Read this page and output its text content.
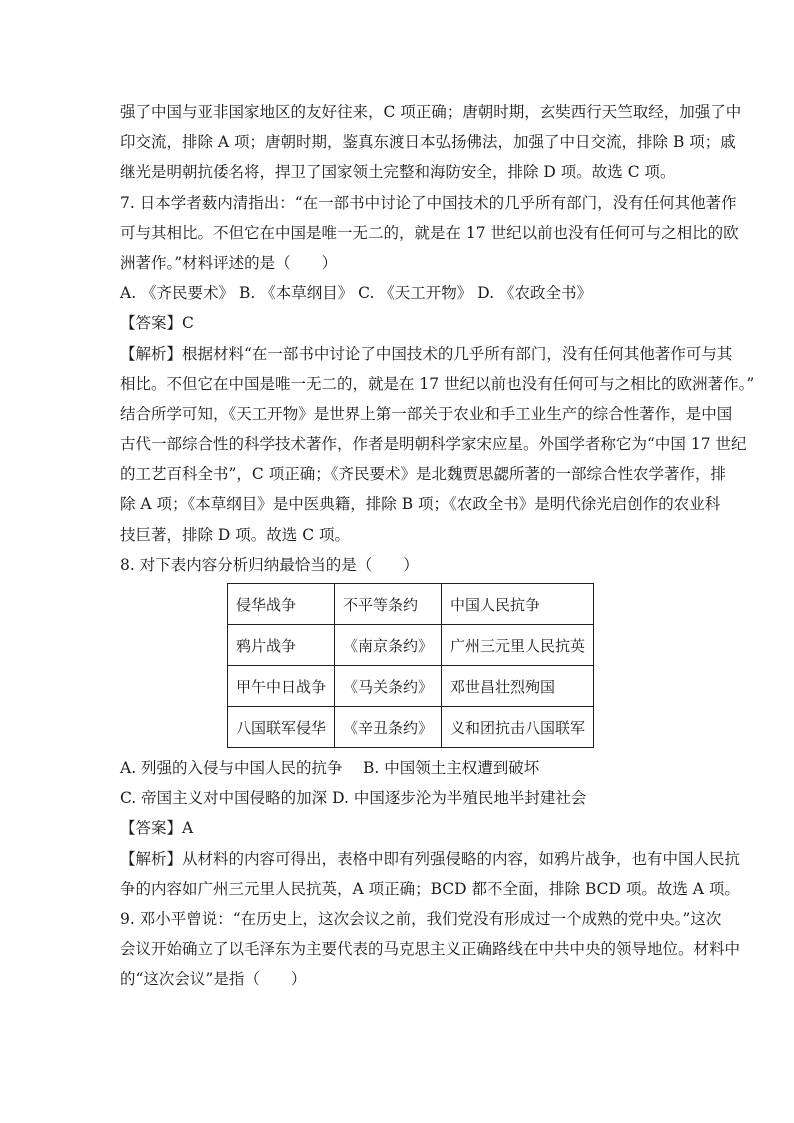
强了中国与亚非国家地区的友好往来，C 项正确；唐朝时期，玄奘西行天竺取经，加强了中
印交流，排除 A 项；唐朝时期，鉴真东渡日本弘扬佛法，加强了中日交流，排除 B 项；戚
继光是明朝抗倭名将，捍卫了国家领土完整和海防安全，排除 D 项。故选 C 项。
7. 日本学者薮内清指出：“在一部书中讨论了中国技术的几乎所有部门，没有任何其他著作
可与其相比。不但它在中国是唯一无二的，就是在 17 世纪以前也没有任何可与之相比的欧
洲著作。”材料评述的是（　　）
A. 《齐民要术》 B. 《本草纲目》 C. 《天工开物》 D. 《农政全书》
【答案】C
【解析】根据材料“在一部书中讨论了中国技术的几乎所有部门，没有任何其他著作可与其
相比。不但它在中国是唯一无二的，就是在 17 世纪以前也没有任何可与之相比的欧洲著作。”
结合所学可知，《天工开物》是世界上第一部关于农业和手工业生产的综合性著作，是中国
古代一部综合性的科学技术著作，作者是明朝科学家宋应星。外国学者称它为“中国 17 世纪
的工艺百科全书”，C 项正确；《齐民要术》是北魏贾思勰所著的一部综合性农学著作，排
除 A 项；《本草纲目》是中医典籍，排除 B 项；《农政全书》是明代徐光启创作的农业科
技巨著，排除 D 项。故选 C 项。
8. 对下表内容分析归纳最恰当的是（　　）
侵华战争	不平等条约	中国人民抗争
鸦片战争	《南京条约》	广州三元里人民抗英
甲午中日战争	《马关条约》	邓世昌壮烈殉国
八国联军侵华	《辛丑条约》	义和团抗击八国联军
A. 列强的入侵与中国人民的抗争　 B. 中国领土主权遭到破坏
C. 帝国主义对中国侵略的加深 D. 中国逐步沦为半殖民地半封建社会
【答案】A
【解析】从材料的内容可得出，表格中即有列强侵略的内容，如鸦片战争，也有中国人民抗
争的内容如广州三元里人民抗英，A 项正确；BCD 都不全面，排除 BCD 项。故选 A 项。
9. 邓小平曾说：“在历史上，这次会议之前，我们党没有形成过一个成熟的党中央。”这次
会议开始确立了以毛泽东为主要代表的马克思主义正确路线在中共中央的领导地位。材料中
的“这次会议”是指（　　）
